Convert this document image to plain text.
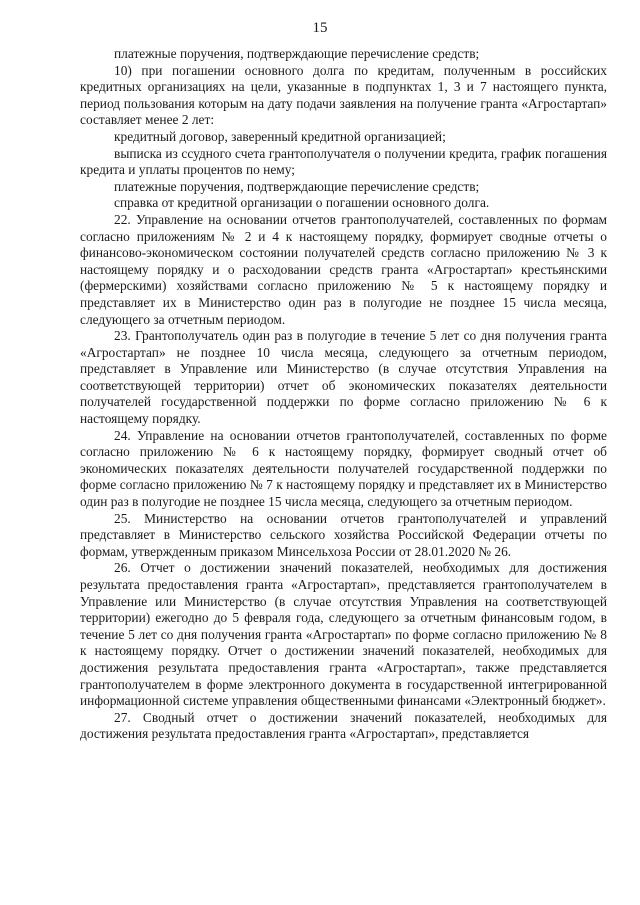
15

платежные поручения, подтверждающие перечисление средств;

10) при погашении основного долга по кредитам, полученным в российских кредитных организациях на цели, указанные в подпунктах 1, 3 и 7 настоящего пункта, период пользования которым на дату подачи заявления на получение гранта «Агростартап» составляет менее 2 лет:

кредитный договор, заверенный кредитной организацией;

выписка из ссудного счета грантополучателя о получении кредита, график погашения кредита и уплаты процентов по нему;

платежные поручения, подтверждающие перечисление средств;

справка от кредитной организации о погашении основного долга.

22. Управление на основании отчетов грантополучателей, составленных по формам согласно приложениям № 2 и 4 к настоящему порядку, формирует сводные отчеты о финансово-экономическом состоянии получателей средств согласно приложению № 3 к настоящему порядку и о расходовании средств гранта «Агростартап» крестьянскими (фермерскими) хозяйствами согласно приложению № 5 к настоящему порядку и представляет их в Министерство один раз в полугодие не позднее 15 числа месяца, следующего за отчетным периодом.

23. Грантополучатель один раз в полугодие в течение 5 лет со дня получения гранта «Агростартап» не позднее 10 числа месяца, следующего за отчетным периодом, представляет в Управление или Министерство (в случае отсутствия Управления на соответствующей территории) отчет об экономических показателях деятельности получателей государственной поддержки по форме согласно приложению № 6 к настоящему порядку.

24. Управление на основании отчетов грантополучателей, составленных по форме согласно приложению № 6 к настоящему порядку, формирует сводный отчет об экономических показателях деятельности получателей государственной поддержки по форме согласно приложению № 7 к настоящему порядку и представляет их в Министерство один раз в полугодие не позднее 15 числа месяца, следующего за отчетным периодом.

25. Министерство на основании отчетов грантополучателей и управлений представляет в Министерство сельского хозяйства Российской Федерации отчеты по формам, утвержденным приказом Минсельхоза России от 28.01.2020 № 26.

26. Отчет о достижении значений показателей, необходимых для достижения результата предоставления гранта «Агростартап», представляется грантополучателем в Управление или Министерство (в случае отсутствия Управления на соответствующей территории) ежегодно до 5 февраля года, следующего за отчетным финансовым годом, в течение 5 лет со дня получения гранта «Агростартап» по форме согласно приложению № 8 к настоящему порядку. Отчет о достижении значений показателей, необходимых для достижения результата предоставления гранта «Агростартап», также представляется грантополучателем в форме электронного документа в государственной интегрированной информационной системе управления общественными финансами «Электронный бюджет».

27. Сводный отчет о достижении значений показателей, необходимых для достижения результата предоставления гранта «Агростартап», представляется
